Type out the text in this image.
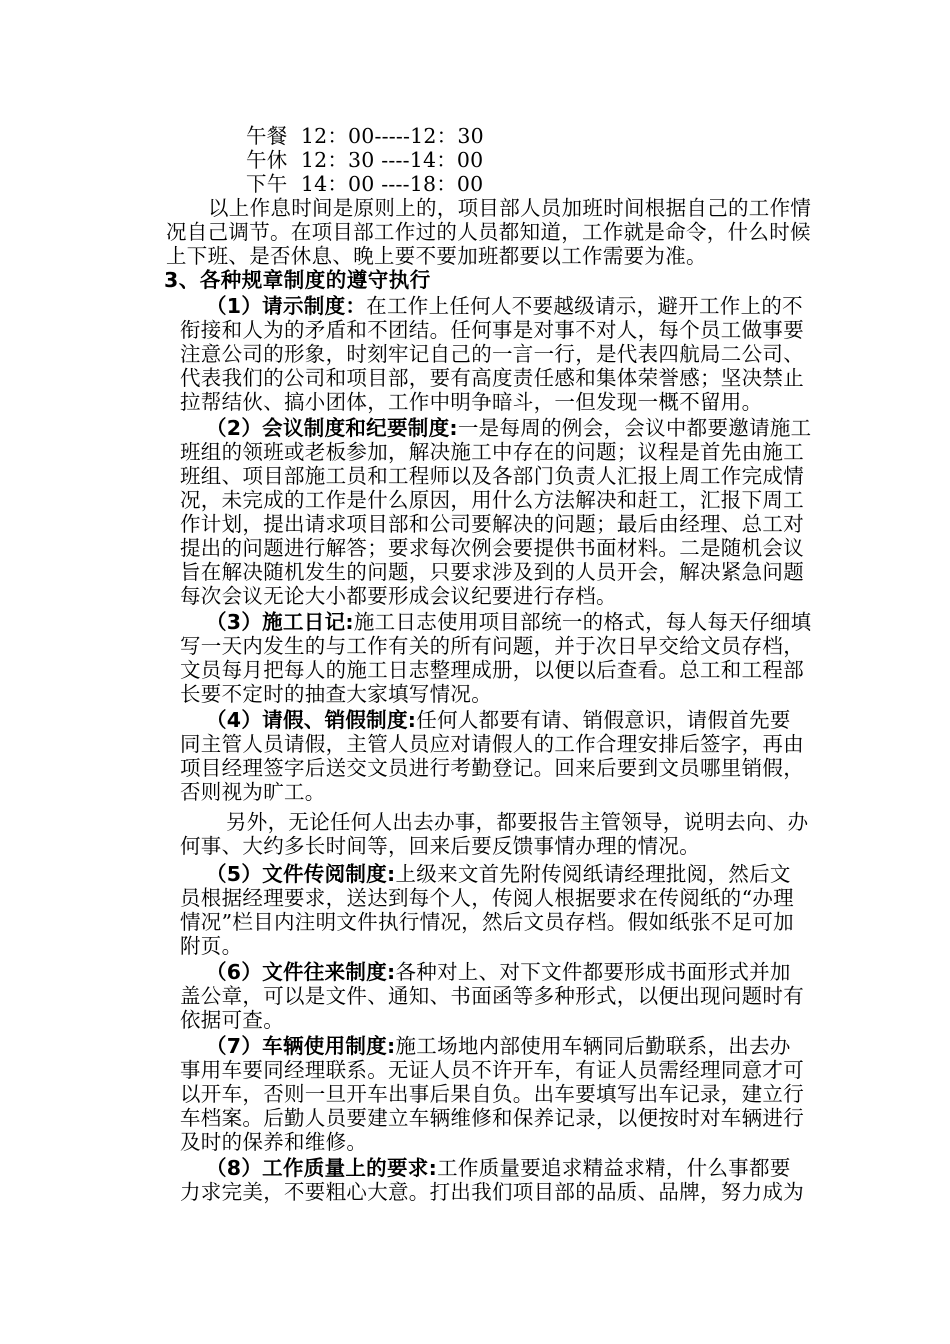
午餐 12：00-----12：30
午休 12：30 ----14：00
下午 14：00 ----18：00
以上作息时间是原则上的，项目部人员加班时间根据自己的工作情
况自己调节。在项目部工作过的人员都知道，工作就是命令，什么时候
上下班、是否休息、晚上要不要加班都要以工作需要为准。
3、各种规章制度的遵守执行
（1）请示制度：在工作上任何人不要越级请示，避开工作上的不
衔接和人为的矛盾和不团结。任何事是对事不对人，每个员工做事要
注意公司的形象，时刻牢记自己的一言一行，是代表四航局二公司、
代表我们的公司和项目部，要有高度责任感和集体荣誉感；坚决禁止
拉帮结伙、搞小团体，工作中明争暗斗，一但发现一概不留用。
（2）会议制度和纪要制度:一是每周的例会，会议中都要邀请施工
班组的领班或老板参加，解决施工中存在的问题；议程是首先由施工
班组、项目部施工员和工程师以及各部门负责人汇报上周工作完成情
况，未完成的工作是什么原因，用什么方法解决和赶工，汇报下周工
作计划，提出请求项目部和公司要解决的问题；最后由经理、总工对
提出的问题进行解答；要求每次例会要提供书面材料。二是随机会议
旨在解决随机发生的问题，只要求涉及到的人员开会，解决紧急问题
每次会议无论大小都要形成会议纪要进行存档。
（3）施工日记:施工日志使用项目部统一的格式，每人每天仔细填
写一天内发生的与工作有关的所有问题，并于次日早交给文员存档，
文员每月把每人的施工日志整理成册，以便以后查看。总工和工程部
长要不定时的抽查大家填写情况。
（4）请假、销假制度:任何人都要有请、销假意识，请假首先要
同主管人员请假，主管人员应对请假人的工作合理安排后签字，再由
项目经理签字后送交文员进行考勤登记。回来后要到文员哪里销假，
否则视为旷工。
另外，无论任何人出去办事，都要报告主管领导，说明去向、办
何事、大约多长时间等，回来后要反馈事情办理的情况。
（5）文件传阅制度:上级来文首先附传阅纸请经理批阅，然后文
员根据经理要求，送达到每个人，传阅人根据要求在传阅纸的“办理
情况”栏目内注明文件执行情况，然后文员存档。假如纸张不足可加
附页。
（6）文件往来制度:各种对上、对下文件都要形成书面形式并加
盖公章，可以是文件、通知、书面函等多种形式，以便出现问题时有
依据可查。
（7）车辆使用制度:施工场地内部使用车辆同后勤联系，出去办
事用车要同经理联系。无证人员不许开车，有证人员需经理同意才可
以开车，否则一旦开车出事后果自负。出车要填写出车记录，建立行
车档案。后勤人员要建立车辆维修和保养记录，以便按时对车辆进行
及时的保养和维修。
（8）工作质量上的要求:工作质量要追求精益求精，什么事都要
力求完美，不要粗心大意。打出我们项目部的品质、品牌，努力成为
